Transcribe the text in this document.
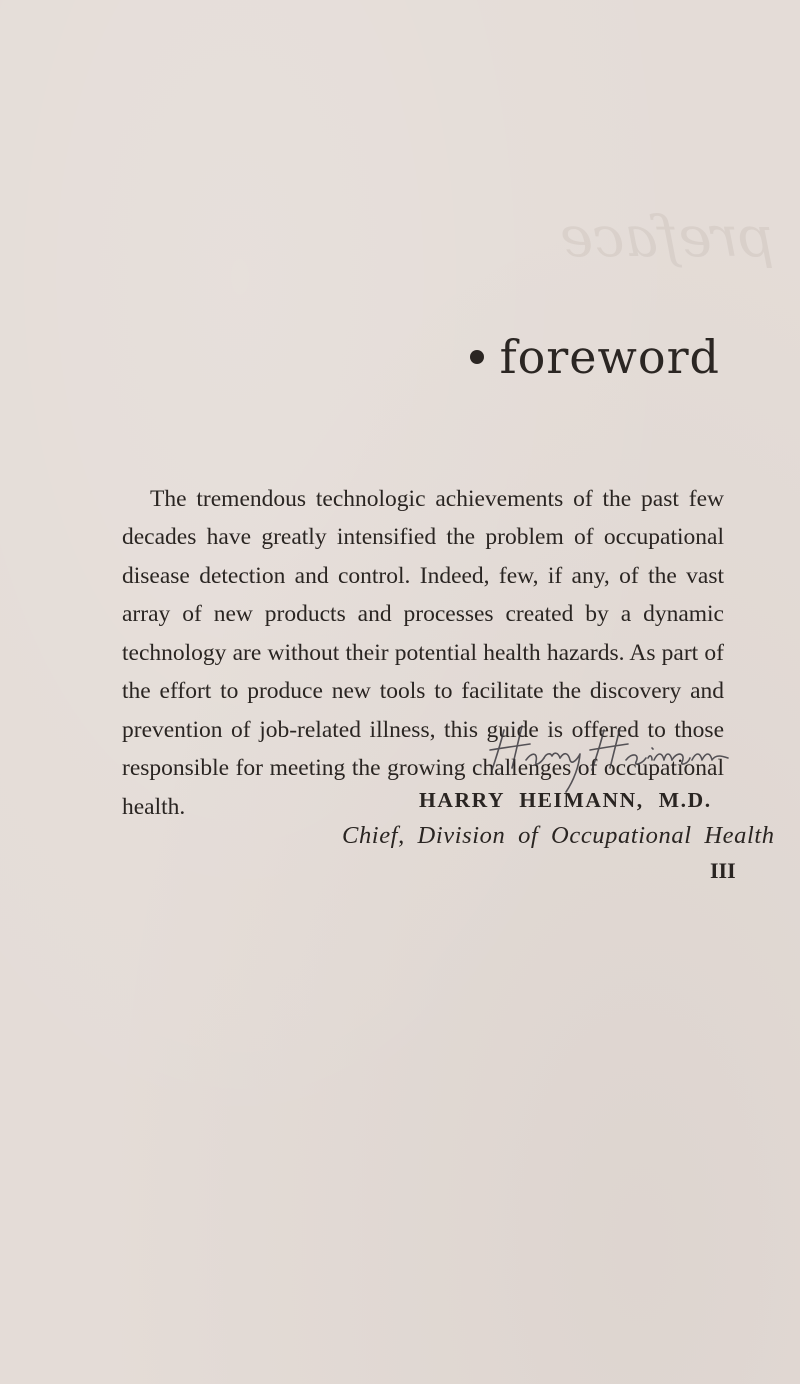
preface
foreword

The tremendous technologic achievements of the past few decades have greatly intensified the problem of occupational disease detection and control. Indeed, few, if any, of the vast array of new products and processes created by a dynamic technology are without their potential health hazards. As part of the effort to produce new tools to facilitate the discovery and prevention of job-related illness, this guide is offered to those responsible for meeting the growing challenges of occupational health.	HARRY HEIMANN, M.D.
Chief, Division of Occupational Health
III
